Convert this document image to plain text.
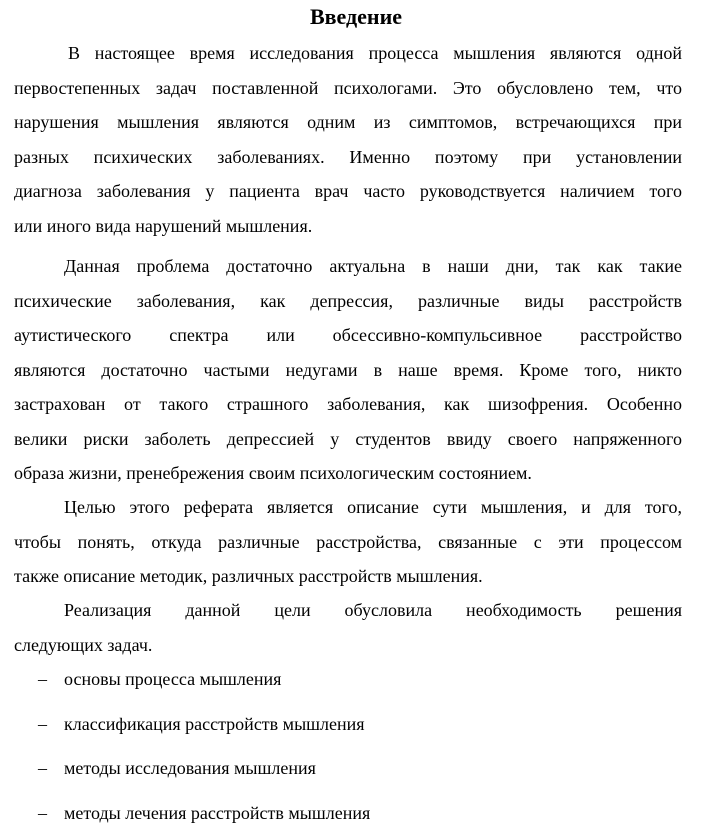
Введение
В настоящее время исследования процесса мышления являются одной
первостепенных задач поставленной психологами. Это обусловлено тем, что
нарушения мышления являются одним из симптомов, встречающихся при
разных психических заболеваниях. Именно поэтому при установлении
диагноза заболевания у пациента врач часто руководствуется наличием того
или иного вида нарушений мышления.
Данная проблема достаточно актуальна в наши дни, так как такие
психические заболевания, как депрессия, различные виды расстройств
аутистического спектра или обсессивно-компульсивное расстройство
являются достаточно частыми недугами в наше время. Кроме того, никто
застрахован от такого страшного заболевания, как шизофрения. Особенно
велики риски заболеть депрессией у студентов ввиду своего напряженного
образа жизни, пренебрежения своим психологическим состоянием.
Целью этого реферата является описание сути мышления, и для того,
чтобы понять, откуда различные расстройства, связанные с эти процессом
также описание методик, различных расстройств мышления.
Реализация данной цели обусловила необходимость решения
следующих задач.
– основы процесса мышления
– классификация расстройств мышления
– методы исследования мышления
– методы лечения расстройств мышления
